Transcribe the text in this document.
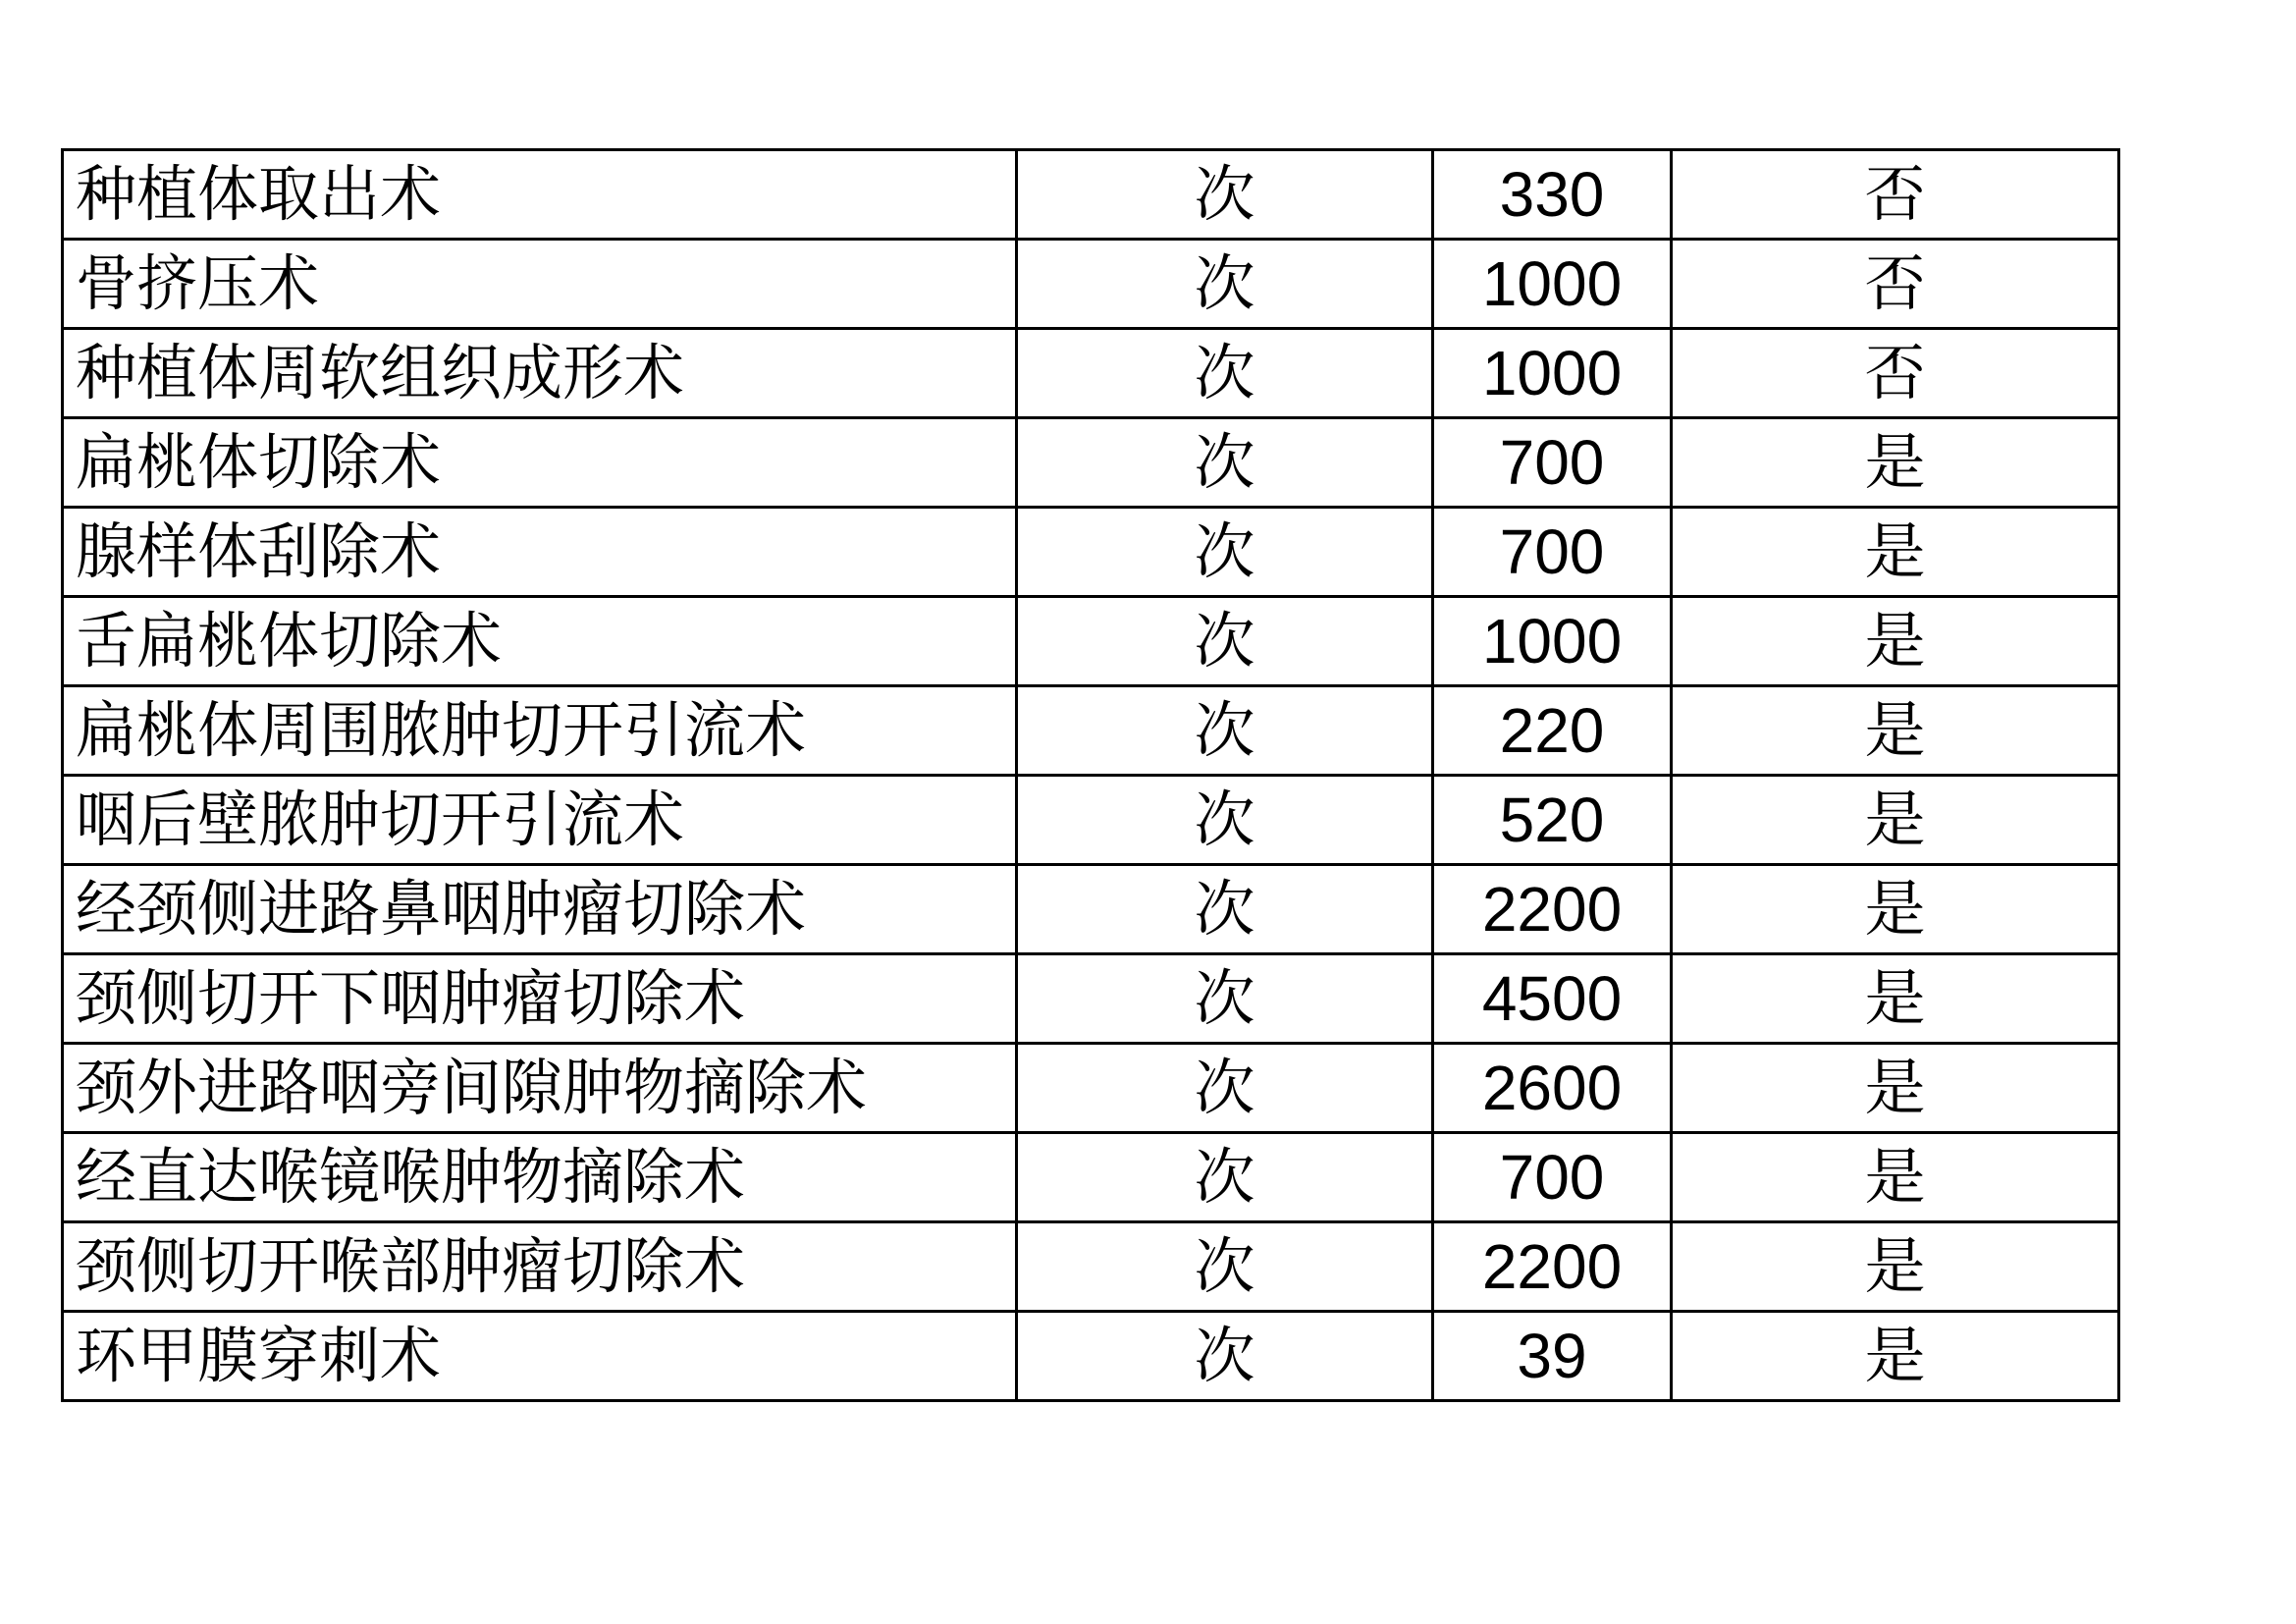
种植体取出术	次	330	否
骨挤压术	次	1000	否
种植体周软组织成形术	次	1000	否
扁桃体切除术	次	700	是
腺样体刮除术	次	700	是
舌扁桃体切除术	次	1000	是
扁桃体周围脓肿切开引流术	次	220	是
咽后壁脓肿切开引流术	次	520	是
经颈侧进路鼻咽肿瘤切除术	次	2200	是
颈侧切开下咽肿瘤切除术	次	4500	是
颈外进路咽旁间隙肿物摘除术	次	2600	是
经直达喉镜喉肿物摘除术	次	700	是
颈侧切开喉部肿瘤切除术	次	2200	是
环甲膜穿刺术	次	39	是
